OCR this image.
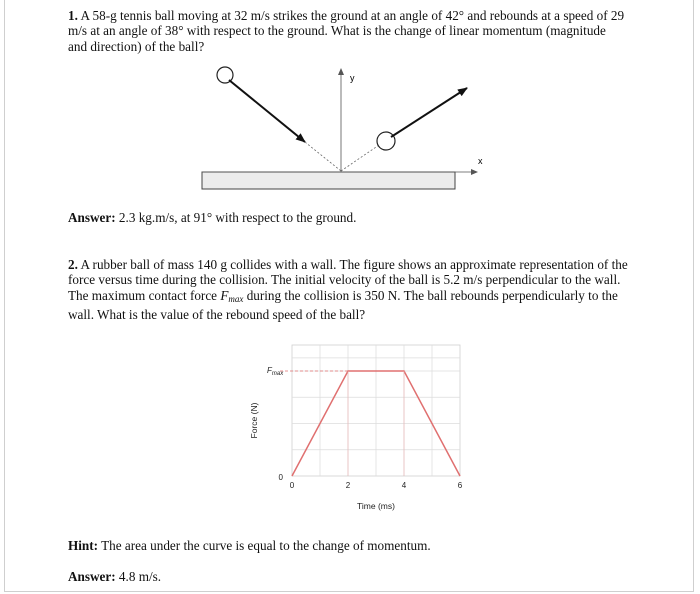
1. A 58-g tennis ball moving at 32 m/s strikes the ground at an angle of 42° and rebounds at a speed of 29 m/s at an angle of 38° with respect to the ground. What is the change of linear momentum (magnitude and direction) of the ball?
x
y
Answer: 2.3 kg.m/s, at 91° with respect to the ground.
2. A rubber ball of mass 140 g collides with a wall. The figure shows an approximate representation of the force versus time during the collision. The initial velocity of the ball is 5.2 m/s perpendicular to the wall. The maximum contact force $F_{max}$ during the collision is 350 N. The ball rebounds perpendicularly to the wall. What is the value of the rebound speed of the ball?
0	2	4	6
$F_{max}$
0
Time (ms)
Force (N)
Hint: The area under the curve is equal to the change of momentum.
Answer: 4.8 m/s.
